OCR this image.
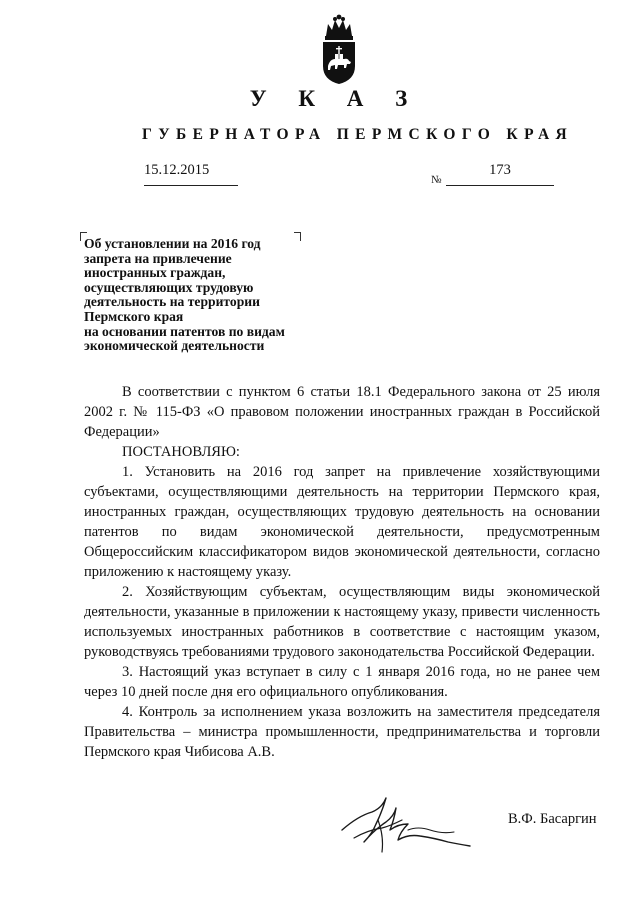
У К А З
ГУБЕРНАТОРА ПЕРМСКОГО КРАЯ
15.12.2015
№
173
Об установлении на 2016 год
запрета на привлечение
иностранных граждан,
осуществляющих трудовую
деятельность на территории
Пермского края
на основании патентов по видам
экономической деятельности

В соответствии с пунктом 6 статьи 18.1 Федерального закона от 25 июля 2002 г. № 115-ФЗ «О правовом положении иностранных граждан в Российской Федерации»

ПОСТАНОВЛЯЮ:

1. Установить на 2016 год запрет на привлечение хозяйствующими субъектами, осуществляющими деятельность на территории Пермского края, иностранных граждан, осуществляющих трудовую деятельность на основании патентов по видам экономической деятельности, предусмотренным Общероссийским классификатором видов экономической деятельности, согласно приложению к настоящему указу.

2. Хозяйствующим субъектам, осуществляющим виды экономической деятельности, указанные в приложении к настоящему указу, привести численность используемых иностранных работников в соответствие с настоящим указом, руководствуясь требованиями трудового законодательства Российской Федерации.

3. Настоящий указ вступает в силу с 1 января 2016 года, но не ранее чем через 10 дней после дня его официального опубликования.

4. Контроль за исполнением указа возложить на заместителя председателя Правительства – министра промышленности, предпринимательства и торговли Пермского края Чибисова А.В.

В.Ф. Басаргин
